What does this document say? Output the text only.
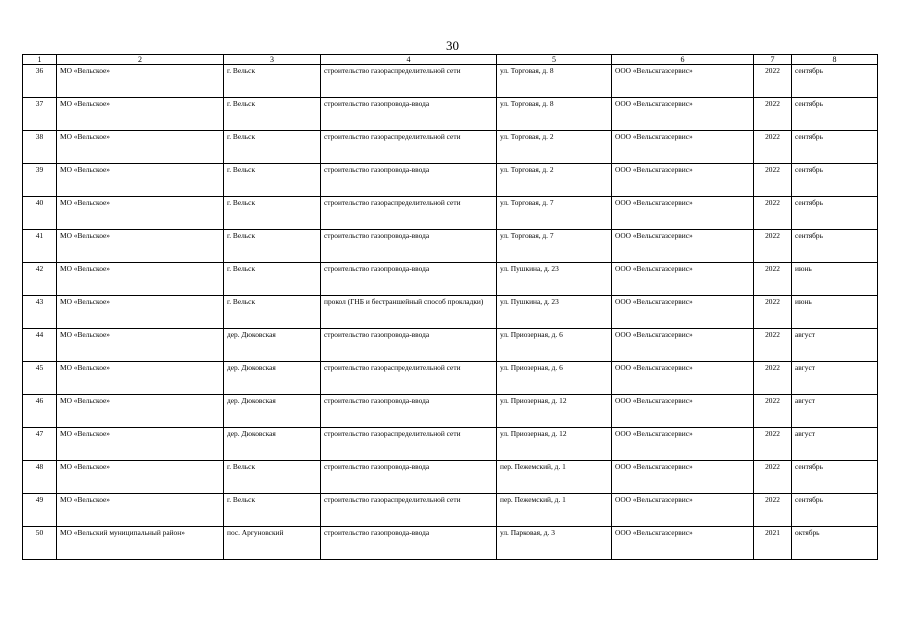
30
1	2	3	4	5	6	7	8
36	МО «Вельское»	г. Вельск	строительство газораспределительной сети	ул. Торговая, д. 8	ООО «Вельскгазсервис»	2022	сентябрь
37	МО «Вельское»	г. Вельск	строительство газопровода-ввода	ул. Торговая, д. 8	ООО «Вельскгазсервис»	2022	сентябрь
38	МО «Вельское»	г. Вельск	строительство газораспределительной сети	ул. Торговая, д. 2	ООО «Вельскгазсервис»	2022	сентябрь
39	МО «Вельское»	г. Вельск	строительство газопровода-ввода	ул. Торговая, д. 2	ООО «Вельскгазсервис»	2022	сентябрь
40	МО «Вельское»	г. Вельск	строительство газораспределительной сети	ул. Торговая, д. 7	ООО «Вельскгазсервис»	2022	сентябрь
41	МО «Вельское»	г. Вельск	строительство газопровода-ввода	ул. Торговая, д. 7	ООО «Вельскгазсервис»	2022	сентябрь
42	МО «Вельское»	г. Вельск	строительство газопровода-ввода	ул. Пушкина, д. 23	ООО «Вельскгазсервис»	2022	июнь
43	МО «Вельское»	г. Вельск	прокол (ГНБ и бестраншейный способ прокладки)	ул. Пушкина, д. 23	ООО «Вельскгазсервис»	2022	июнь
44	МО «Вельское»	дер. Дюковская	строительство газопровода-ввода	ул. Приозерная, д. 6	ООО «Вельскгазсервис»	2022	август
45	МО «Вельское»	дер. Дюковская	строительство газораспределительной сети	ул. Приозерная, д. 6	ООО «Вельскгазсервис»	2022	август
46	МО «Вельское»	дер. Дюковская	строительство газопровода-ввода	ул. Приозерная, д. 12	ООО «Вельскгазсервис»	2022	август
47	МО «Вельское»	дер. Дюковская	строительство газораспределительной сети	ул. Приозерная, д. 12	ООО «Вельскгазсервис»	2022	август
48	МО «Вельское»	г. Вельск	строительство газопровода-ввода	пер. Пежемский, д. 1	ООО «Вельскгазсервис»	2022	сентябрь
49	МО «Вельское»	г. Вельск	строительство газораспределительной сети	пер. Пежемский, д. 1	ООО «Вельскгазсервис»	2022	сентябрь
50	МО «Вельский муниципальный район»	пос. Аргуновский	строительство газопровода-ввода	ул. Парковая, д. 3	ООО «Вельскгазсервис»	2021	октябрь
